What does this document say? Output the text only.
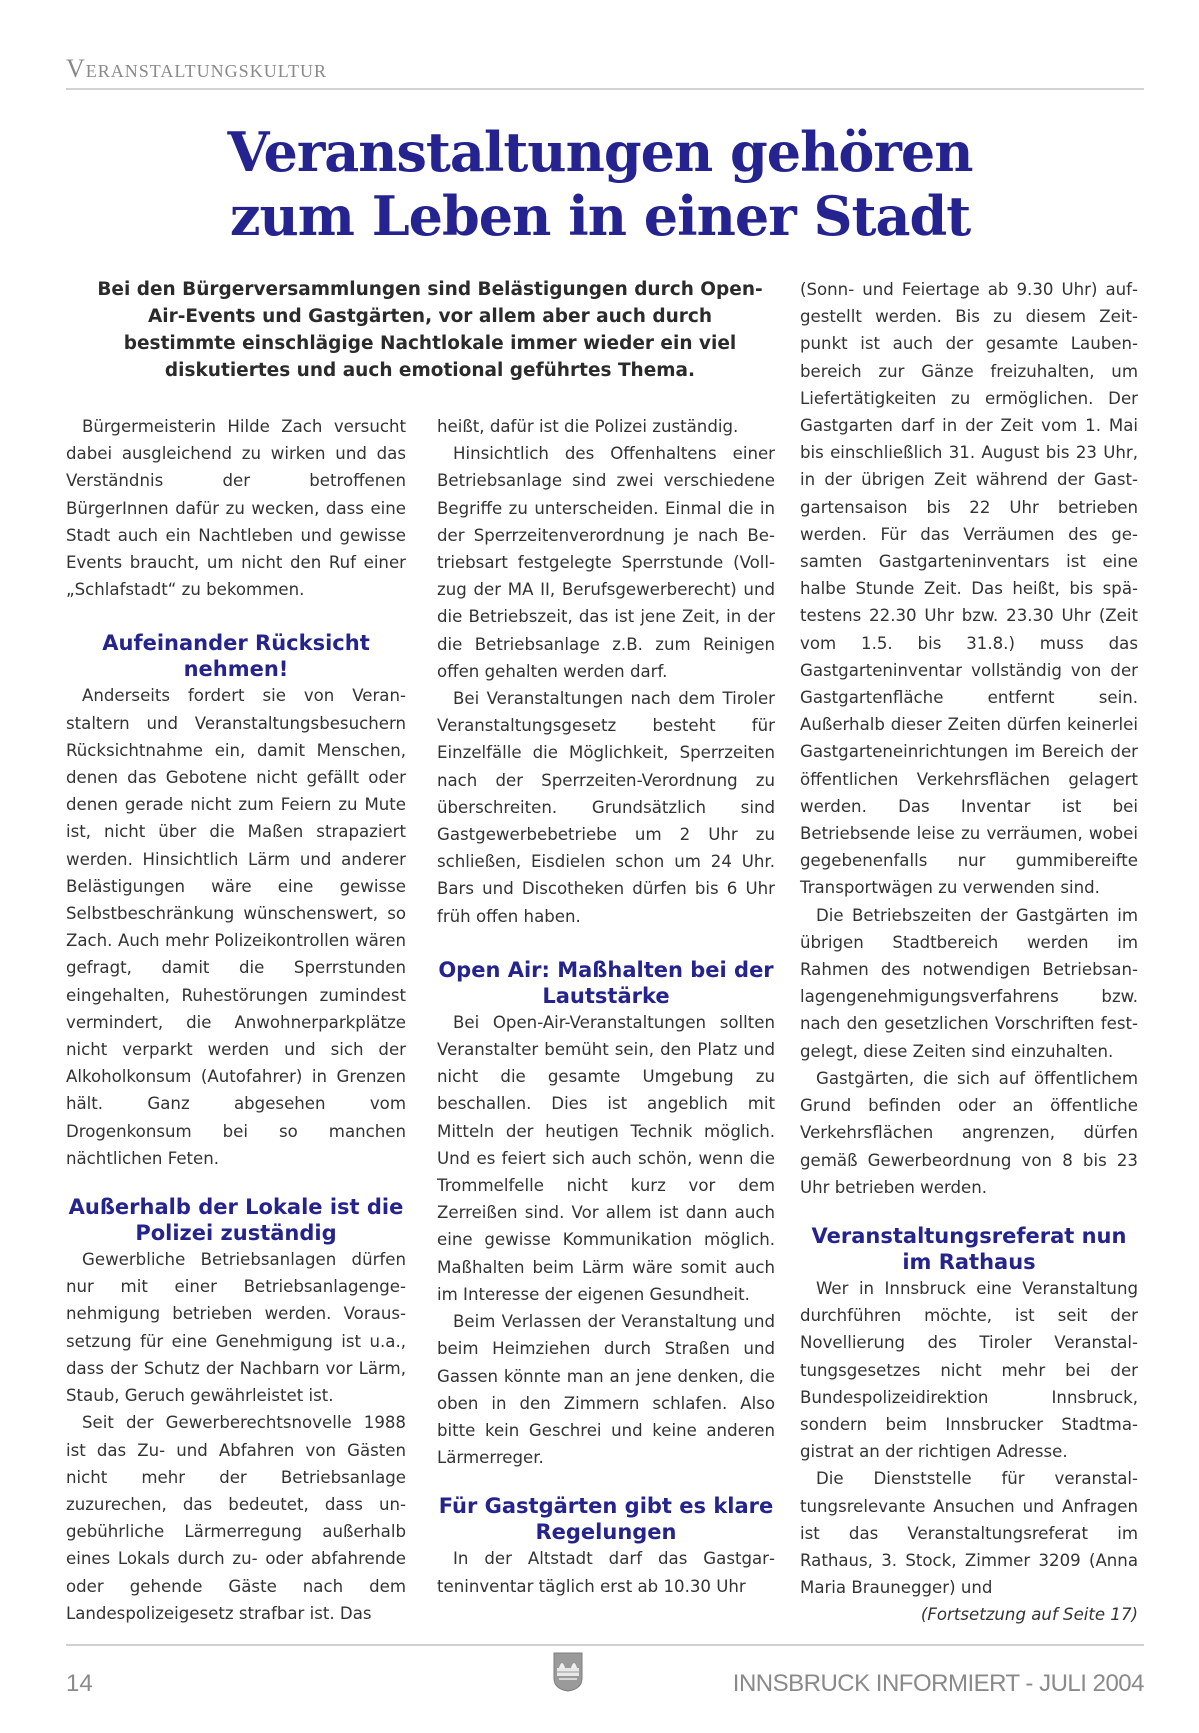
Veranstaltungskultur
Veranstaltungen gehören
zum Leben in einer Stadt
Bei den Bürgerversammlungen sind Belästigungen durch Open-Air-Events und Gastgärten, vor allem aber auch durch bestimmte einschlägige Nachtlokale immer wieder ein viel diskutiertes und auch emotional geführtes Thema.

Bürgermeisterin Hilde Zach versucht dabei ausgleichend zu wirken und das Verständnis der betroffenen BürgerInnen dafür zu wecken, dass eine Stadt auch ein Nachtleben und gewisse Events braucht, um nicht den Ruf einer „Schlafstadt“ zu bekommen.

Aufeinander Rücksicht nehmen!

Anderseits fordert sie von Veranstaltern und Veranstaltungsbesuchern Rücksichtnahme ein, damit Menschen, denen das Gebotene nicht gefällt oder denen gerade nicht zum Feiern zu Mute ist, nicht über die Maßen strapaziert werden. Hinsichtlich Lärm und anderer Belästigungen wäre eine gewisse Selbstbeschränkung wünschenswert, so Zach. Auch mehr Polizeikontrollen wären gefragt, damit die Sperrstunden eingehalten, Ruhestörungen zumindest vermindert, die Anwohnerparkplätze nicht verparkt werden und sich der Alkoholkonsum (Autofahrer) in Grenzen hält. Ganz abgesehen vom Drogenkonsum bei so manchen nächtlichen Feten.

Außerhalb der Lokale ist die Polizei zuständig

Gewerbliche Betriebsanlagen dürfen nur mit einer Betriebsanlagengenehmigung betrieben werden. Voraussetzung für eine Genehmigung ist u.a., dass der Schutz der Nachbarn vor Lärm, Staub, Geruch gewährleistet ist.

Seit der Gewerberechtsnovelle 1988 ist das Zu- und Abfahren von Gästen nicht mehr der Betriebsanlage zuzurechen, das bedeutet, dass ungebührliche Lärmerregung außerhalb eines Lokals durch zu- oder abfahrende oder gehende Gäste nach dem Landespolizeigesetz strafbar ist. Das

heißt, dafür ist die Polizei zuständig.

Hinsichtlich des Offenhaltens einer Betriebsanlage sind zwei verschiedene Begriffe zu unterscheiden. Einmal die in der Sperrzeitenverordnung je nach Betriebsart festgelegte Sperrstunde (Vollzug der MA II, Berufsgewerberecht) und die Betriebszeit, das ist jene Zeit, in der die Betriebsanlage z.B. zum Reinigen offen gehalten werden darf.

Bei Veranstaltungen nach dem Tiroler Veranstaltungsgesetz besteht für Einzelfälle die Möglichkeit, Sperrzeiten nach der Sperrzeiten-Verordnung zu überschreiten. Grundsätzlich sind Gastgewerbebetriebe um 2 Uhr zu schließen, Eisdielen schon um 24 Uhr. Bars und Discotheken dürfen bis 6 Uhr früh offen haben.

Open Air: Maßhalten bei der Lautstärke

Bei Open-Air-Veranstaltungen sollten Veranstalter bemüht sein, den Platz und nicht die gesamte Umgebung zu beschallen. Dies ist angeblich mit Mitteln der heutigen Technik möglich. Und es feiert sich auch schön, wenn die Trommelfelle nicht kurz vor dem Zerreißen sind. Vor allem ist dann auch eine gewisse Kommunikation möglich. Maßhalten beim Lärm wäre somit auch im Interesse der eigenen Gesundheit.

Beim Verlassen der Veranstaltung und beim Heimziehen durch Straßen und Gassen könnte man an jene denken, die oben in den Zimmern schlafen. Also bitte kein Geschrei und keine anderen Lärmerreger.

Für Gastgärten gibt es klare Regelungen

In der Altstadt darf das Gastgarteninventar täglich erst ab 10.30 Uhr

(Sonn- und Feiertage ab 9.30 Uhr) aufgestellt werden. Bis zu diesem Zeitpunkt ist auch der gesamte Laubenbereich zur Gänze freizuhalten, um Liefertätigkeiten zu ermöglichen. Der Gastgarten darf in der Zeit vom 1. Mai bis einschließlich 31. August bis 23 Uhr, in der übrigen Zeit während der Gastgartensaison bis 22 Uhr betrieben werden. Für das Verräumen des gesamten Gastgarteninventars ist eine halbe Stunde Zeit. Das heißt, bis spätestens 22.30 Uhr bzw. 23.30 Uhr (Zeit vom 1.5. bis 31.8.) muss das Gastgarteninventar vollständig von der Gastgartenfläche entfernt sein. Außerhalb dieser Zeiten dürfen keinerlei Gastgarteneinrichtungen im Bereich der öffentlichen Verkehrsflächen gelagert werden. Das Inventar ist bei Betriebsende leise zu verräumen, wobei gegebenenfalls nur gummibereifte Transportwägen zu verwenden sind.

Die Betriebszeiten der Gastgärten im übrigen Stadtbereich werden im Rahmen des notwendigen Betriebsanlagengenehmigungsverfahrens bzw. nach den gesetzlichen Vorschriften festgelegt, diese Zeiten sind einzuhalten.

Gastgärten, die sich auf öffentlichem Grund befinden oder an öffentliche Verkehrsflächen angrenzen, dürfen gemäß Gewerbeordnung von 8 bis 23 Uhr betrieben werden.

Veranstaltungsreferat nun im Rathaus

Wer in Innsbruck eine Veranstaltung durchführen möchte, ist seit der Novellierung des Tiroler Veranstaltungsgesetzes nicht mehr bei der Bundespolizeidirektion Innsbruck, sondern beim Innsbrucker Stadtmagistrat an der richtigen Adresse.

Die Dienststelle für veranstaltungsrelevante Ansuchen und Anfragen ist das Veranstaltungsreferat im Rathaus, 3. Stock, Zimmer 3209 (Anna Maria Braunegger) und

(Fortsetzung auf Seite 17)
14	INNSBRUCK INFORMIERT - JULI 2004
